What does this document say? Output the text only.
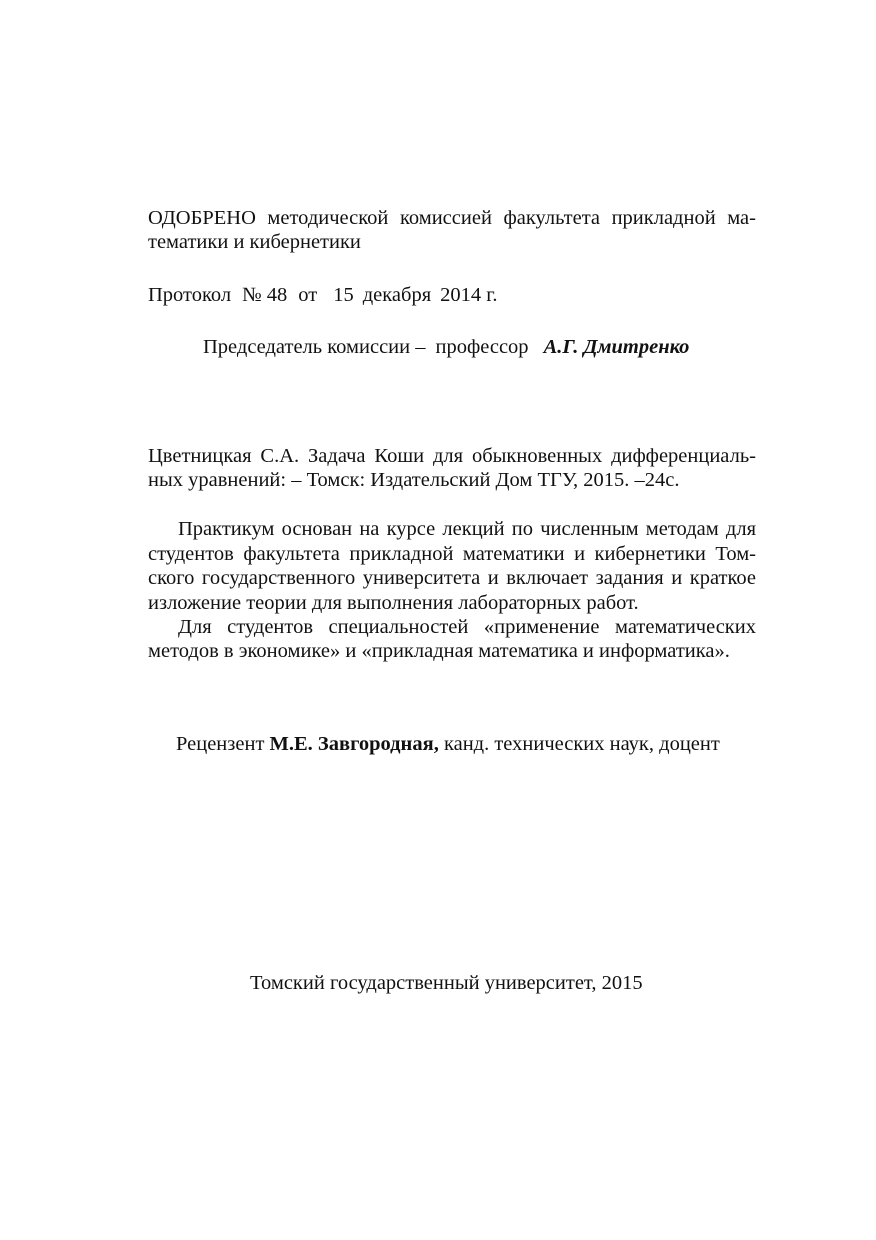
ОДОБРЕНО методической комиссией факультета прикладной ма-
тематики и кибернетики
Протокол № 48 от 15 декабря 2014 г.
Председатель комиссии – профессор А.Г. Дмитренко
Цветницкая С.А. Задача Коши для обыкновенных дифференциаль-
ных уравнений: – Томск: Издательский Дом ТГУ, 2015. –24с.
Практикум основан на курсе лекций по численным методам для
студентов факультета прикладной математики и кибернетики Том-
ского государственного университета и включает задания и краткое
изложение теории для выполнения лабораторных работ.
Для студентов специальностей «применение математических
методов в экономике» и «прикладная математика и информатика».
Рецензент М.Е. Завгородная, канд. технических наук, доцент
Томский государственный университет, 2015
